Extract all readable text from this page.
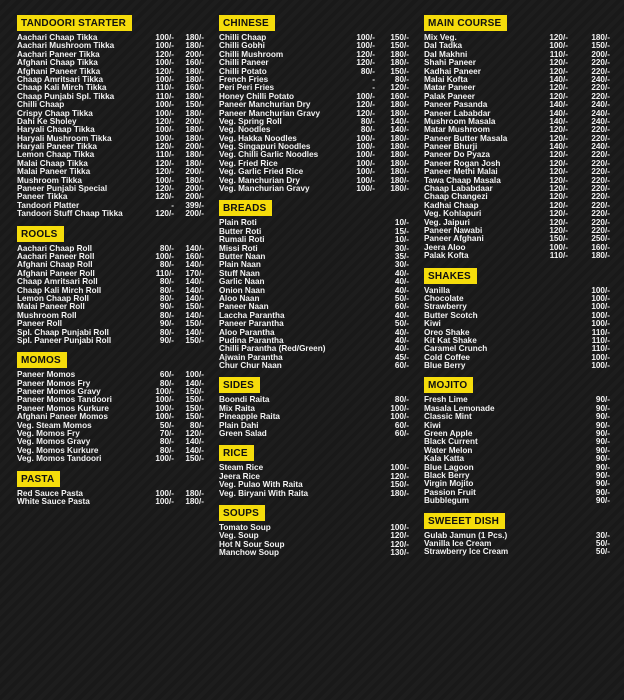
TANDOORI STARTER
Aachari Chaap Tikka	100/-	180/-
Aachari Mushroom Tikka	100/-	180/-
Aachari Paneer Tikka	120/-	200/-
Afghani Chaap Tikka	100/-	160/-
Afghani Paneer Tikka	120/-	180/-
Chaap Amritsari Tikka	100/-	180/-
Chaap Kali Mirch Tikka	110/-	160/-
Chaap Punjabi Spl. Tikka	110/-	180/-
Chilli Chaap	100/-	150/-
Crispy Chaap Tikka	100/-	180/-
Dahi Ke Sholey	120/-	200/-
Haryali Chaap Tikka	100/-	180/-
Haryali Mushroom Tikka	100/-	180/-
Haryali Paneer Tikka	120/-	200/-
Lemon Chaap Tikka	110/-	180/-
Malai Chaap Tikka	120/-	180/-
Malai Paneer Tikka	120/-	200/-
Mushroom Tikka	100/-	180/-
Paneer Punjabi Special	120/-	200/-
Paneer Tikka	120/-	200/-
Tandoori Platter	-	399/-
Tandoori Stuff Chaap Tikka	120/-	200/-
ROOLS
Aachari Chaap Roll	80/-	140/-
Aachari Paneer Roll	100/-	160/-
Afghani Chaap Roll	80/-	140/-
Afghani Paneer Roll	110/-	170/-
Chaap Amritsari Roll	80/-	140/-
Chaap Kali Mirch Roll	80/-	140/-
Lemon Chaap Roll	80/-	140/-
Malai Paneer Roll	90/-	150/-
Mushroom Roll	80/-	140/-
Paneer Roll	90/-	150/-
Spl. Chaap Punjabi Roll	80/-	140/-
Spl. Paneer Punjabi Roll	90/-	150/-
MOMOS
Paneer Momos	60/-	100/-
Paneer Momos Fry	80/-	140/-
Paneer Momos Gravy	100/-	150/-
Paneer Momos Tandoori	100/-	150/-
Paneer Momos Kurkure	100/-	150/-
Afghani Paneer Momos	100/-	150/-
Veg. Steam Momos	50/-	80/-
Veg. Momos Fry	70/-	120/-
Veg. Momos Gravy	80/-	140/-
Veg. Momos Kurkure	80/-	140/-
Veg. Momos Tandoori	100/-	150/-
PASTA
Red Sauce Pasta	100/-	180/-
White Sauce Pasta	100/-	180/-
CHINESE
Chilli Chaap	100/-	150/-
Chilli Gobhi	100/-	150/-
Chilli Mushroom	120/-	180/-
Chilli Paneer	120/-	180/-
Chilli Potato	80/-	150/-
French Fries	-	80/-
Peri Peri Fries	-	120/-
Honey Chilli Potato	100/-	160/-
Paneer Manchurian Dry	120/-	180/-
Paneer Manchurian Gravy	120/-	180/-
Veg. Spring Roll	80/-	140/-
Veg. Noodles	80/-	140/-
Veg. Hakka Noodles	100/-	180/-
Veg. Singapuri Noodles	100/-	180/-
Veg. Chilli Garlic Noodles	100/-	180/-
Veg. Fried Rice	100/-	180/-
Veg. Garlic Fried Rice	100/-	180/-
Veg. Manchurian Dry	100/-	180/-
Veg. Manchurian Gravy	100/-	180/-
BREADS
Plain Roti	10/-
Butter Roti	15/-
Rumali Roti	10/-
Missi Roti	30/-
Butter Naan	35/-
Plain Naan	30/-
Stuff Naan	40/-
Garlic Naan	40/-
Onion Naan	40/-
Aloo Naan	50/-
Paneer Naan	60/-
Laccha Parantha	40/-
Paneer Parantha	50/-
Aloo Parantha	40/-
Pudina Parantha	40/-
Chilli Parantha (Red/Green)	40/-
Ajwain Parantha	45/-
Chur Chur Naan	60/-
SIDES
Boondi Raita	80/-
Mix Raita	100/-
Pineapple Raita	100/-
Plain Dahi	60/-
Green Salad	60/-
RICE
Steam Rice	100/-
Jeera Rice	120/-
Veg. Pulao With Raita	150/-
Veg. Biryani With Raita	180/-
SOUPS
Tomato Soup	100/-
Veg. Soup	120/-
Hot N Sour Soup	120/-
Manchow Soup	130/-
MAIN COURSE
Mix Veg.	120/-	180/-
Dal Tadka	100/-	150/-
Dal Makhni	110/-	200/-
Shahi Paneer	120/-	220/-
Kadhai Paneer	120/-	220/-
Malai Kofta	140/-	240/-
Matar Paneer	120/-	220/-
Palak Paneer	120/-	220/-
Paneer Pasanda	140/-	240/-
Paneer Lababdar	140/-	240/-
Mushroom Masala	140/-	240/-
Matar Mushroom	120/-	220/-
Paneer Butter Masala	120/-	220/-
Paneer Bhurji	140/-	240/-
Paneer Do Pyaza	120/-	220/-
Paneer Rogan Josh	120/-	220/-
Paneer Methi Malai	120/-	220/-
Tawa Chaap Masala	120/-	220/-
Chaap Lababdaar	120/-	220/-
Chaap Changezi	120/-	220/-
Kadhai Chaap	120/-	220/-
Veg. Kohlapuri	120/-	220/-
Veg. Jaipuri	120/-	220/-
Paneer Nawabi	120/-	220/-
Paneer Afghani	150/-	250/-
Jeera Aloo	100/-	160/-
Palak Kofta	110/-	180/-
SHAKES
Vanilla	100/-
Chocolate	100/-
Strawberry	100/-
Butter Scotch	100/-
Kiwi	100/-
Oreo Shake	110/-
Kit Kat Shake	110/-
Caramel Crunch	110/-
Cold Coffee	100/-
Blue Berry	100/-
MOJITO
Fresh Lime	90/-
Masala Lemonade	90/-
Classic Mint	90/-
Kiwi	90/-
Green Apple	90/-
Black Current	90/-
Water Melon	90/-
Kala Katta	90/-
Blue Lagoon	90/-
Black Berry	90/-
Virgin Mojito	90/-
Passion Fruit	90/-
Bubblegum	90/-
SWEEET DISH
Gulab Jamun (1 Pcs.)	30/-
Vanilla Ice Cream	50/-
Strawberry Ice Cream	50/-
